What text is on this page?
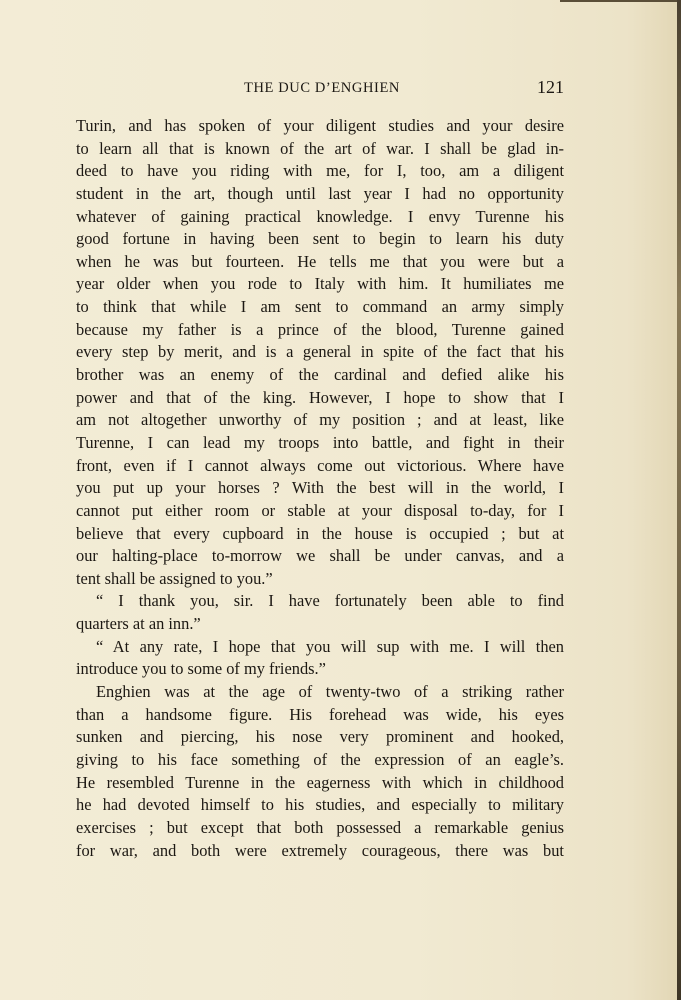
THE DUC D’ENGHIEN	121
Turin, and has spoken of your diligent studies and your desire
to learn all that is known of the art of war. I shall be glad in-
deed to have you riding with me, for I, too, am a diligent
student in the art, though until last year I had no opportunity
whatever of gaining practical knowledge. I envy Turenne his
good fortune in having been sent to begin to learn his duty
when he was but fourteen. He tells me that you were but a
year older when you rode to Italy with him. It humiliates me
to think that while I am sent to command an army simply
because my father is a prince of the blood, Turenne gained
every step by merit, and is a general in spite of the fact that his
brother was an enemy of the cardinal and defied alike his
power and that of the king. However, I hope to show that I
am not altogether unworthy of my position ; and at least, like
Turenne, I can lead my troops into battle, and fight in their
front, even if I cannot always come out victorious. Where have
you put up your horses ? With the best will in the world, I
cannot put either room or stable at your disposal to-day, for I
believe that every cupboard in the house is occupied ; but at
our halting-place to-morrow we shall be under canvas, and a
tent shall be assigned to you.”
“ I thank you, sir. I have fortunately been able to find
quarters at an inn.”
“ At any rate, I hope that you will sup with me. I will then
introduce you to some of my friends.”
Enghien was at the age of twenty-two of a striking rather
than a handsome figure. His forehead was wide, his eyes
sunken and piercing, his nose very prominent and hooked,
giving to his face something of the expression of an eagle’s.
He resembled Turenne in the eagerness with which in childhood
he had devoted himself to his studies, and especially to military
exercises ; but except that both possessed a remarkable genius
for war, and both were extremely courageous, there was but
